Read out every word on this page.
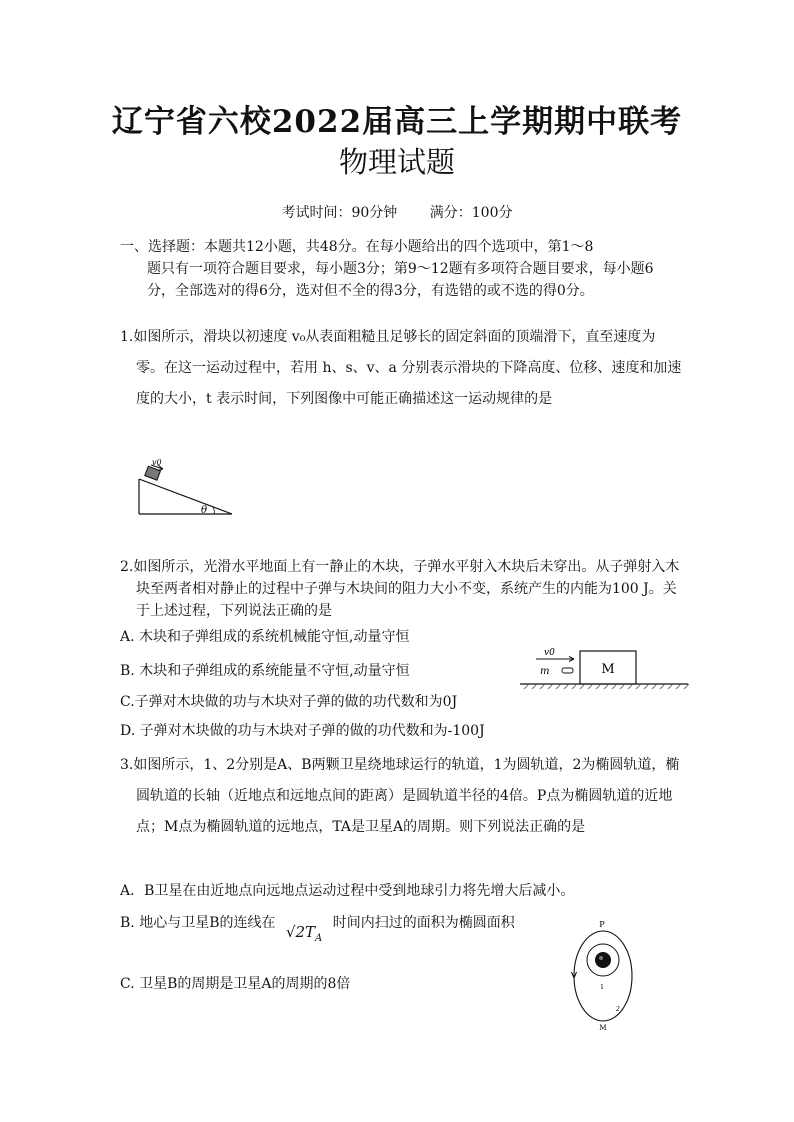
辽宁省六校2022届高三上学期期中联考
物理试题
考试时间：90分钟 满分：100分
一、选择题：本题共12小题，共48分。在每小题给出的四个选项中，第1～8
题只有一项符合题目要求，每小题3分；第9～12题有多项符合题目要求，每小题6分，全部选对的得6分，选对但不全的得3分，有选错的或不选的得0分。
1.如图所示，滑块以初速度 v₀从表面粗糙且足够长的固定斜面的顶端滑下，直至速度为零。在这一运动过程中，若用 h、s、v、a 分别表示滑块的下降高度、位移、速度和加速度的大小，t 表示时间，下列图像中可能正确描述这一运动规律的是
v0
θ
2.如图所示，光滑水平地面上有一静止的木块，子弹水平射入木块后未穿出。从子弹射入木块至两者相对静止的过程中子弹与木块间的阻力大小不变，系统产生的内能为100 J。关于上述过程，下列说法正确的是
A. 木块和子弹组成的系统机械能守恒,动量守恒
B. 木块和子弹组成的系统能量不守恒,动量守恒
C.子弹对木块做的功与木块对子弹的做的功代数和为0J
D. 子弹对木块做的功与木块对子弹的做的功代数和为-100J
M
v0
m
3.如图所示，1、2分别是A、B两颗卫星绕地球运行的轨道，1为圆轨道，2为椭圆轨道，椭圆轨道的长轴（近地点和远地点间的距离）是圆轨道半径的4倍。P点为椭圆轨道的近地点；M点为椭圆轨道的远地点，TA是卫星A的周期。则下列说法正确的是
A．B卫星在由近地点向远地点运动过程中受到地球引力将先增大后减小。
B. 地心与卫星B的连线在 $√2T_A$ 时间内扫过的面积为椭圆面积
C. 卫星B的周期是卫星A的周期的8倍
P
1
2
M
